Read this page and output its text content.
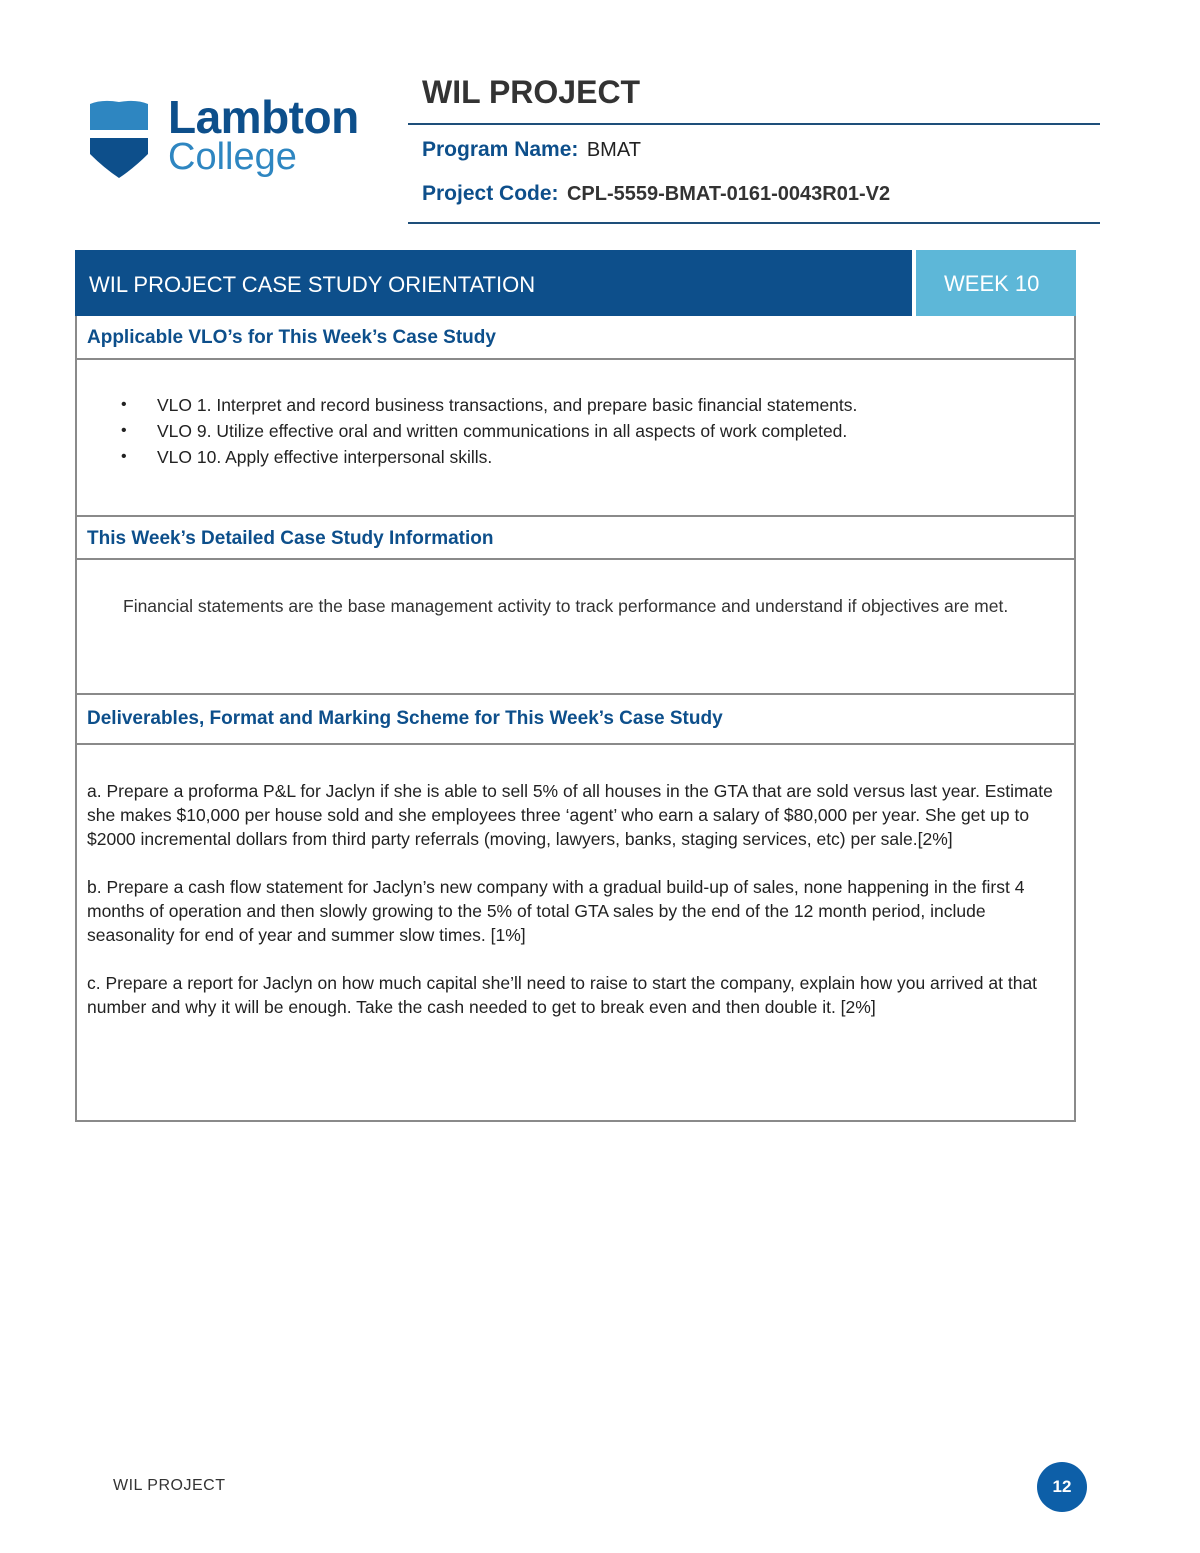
Lambton
College
WIL PROJECT
Program Name: BMAT
Project Code: CPL-5559-BMAT-0161-0043R01-V2
WIL PROJECT CASE STUDY ORIENTATION	WEEK 10
Applicable VLO’s for This Week’s Case Study
• VLO 1. Interpret and record business transactions, and prepare basic financial statements.
• VLO 9. Utilize effective oral and written communications in all aspects of work completed.
• VLO 10. Apply effective interpersonal skills.
This Week’s Detailed Case Study Information
Financial statements are the base management activity to track performance and understand if objectives are met.
Deliverables, Format and Marking Scheme for This Week’s Case Study

a. Prepare a proforma P&L for Jaclyn if she is able to sell 5% of all houses in the GTA that are sold versus last year. Estimate she makes $10,000 per house sold and she employees three ‘agent’ who earn a salary of $80,000 per year. She get up to $2000 incremental dollars from third party referrals (moving, lawyers, banks, staging services, etc) per sale.[2%]

b. Prepare a cash flow statement for Jaclyn’s new company with a gradual build-up of sales, none happening in the first 4 months of operation and then slowly growing to the 5% of total GTA sales by the end of the 12 month period, include seasonality for end of year and summer slow times. [1%]

c. Prepare a report for Jaclyn on how much capital she’ll need to raise to start the company, explain how you arrived at that number and why it will be enough. Take the cash needed to get to break even and then double it. [2%]

WIL PROJECT	12
